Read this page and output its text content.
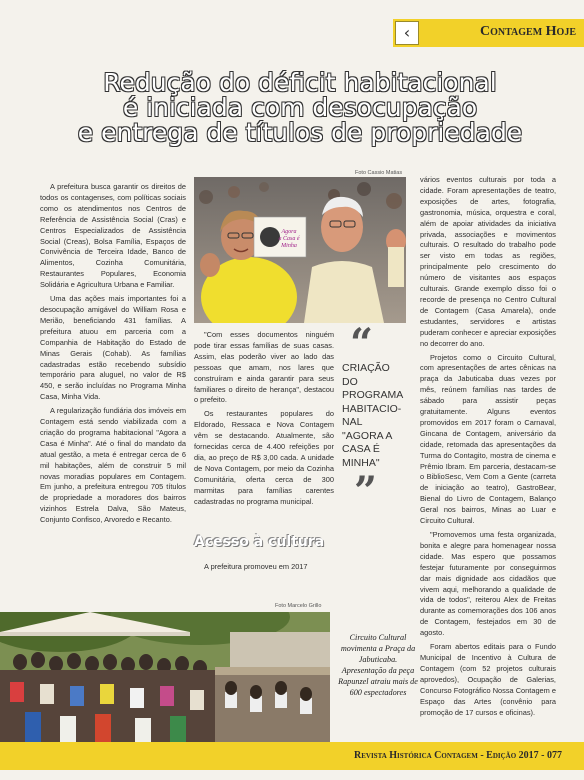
‹	Contagem Hoje
Redução do déficit habitacional
é iniciada com desocupação
e entrega de títulos de propriedade

A prefeitura busca garantir os direitos de todos os contagenses, com políticas sociais como os atendimentos nos Centros de Referência de Assistência Social (Cras) e Centros Especializados de Assistência Social (Creas), Bolsa Família, Espaços de Convivência de Terceira Idade, Banco de Alimentos, Cozinha Comunitária, Restaurantes Populares, Economia Solidária e Agricultura Urbana e Familiar.

Uma das ações mais importantes foi a desocupação amigável do William Rosa e Merião, beneficiando 431 famílias. A prefeitura atuou em parceria com a Companhia de Habitação do Estado de Minas Gerais (Cohab). As famílias cadastradas estão recebendo subsídio temporário para aluguel, no valor de R$ 450, e serão incluídas no Programa Minha Casa, Minha Vida.

A regularização fundiária dos imóveis em Contagem está sendo viabilizada com a criação do programa habitacional "Agora a Casa é Minha". Até o final do mandato da atual gestão, a meta é entregar cerca de 6 mil habitações, além de construir 5 mil novas moradias populares em Contagem. Em junho, a prefeitura entregou 705 títulos de propriedade a moradores dos bairros vizinhos Estrela Dalva, São Mateus, Conjunto Confisco, Arvoredo e Recanto.

Foto Cassio Matias
Agora
a Casa é
Minha

"Com esses documentos ninguém pode tirar essas famílias de suas casas. Assim, elas poderão viver ao lado das pessoas que amam, nos lares que construíram e ainda garantir para seus familiares o direito de herança", destacou o prefeito.

Os restaurantes populares do Eldorado, Ressaca e Nova Contagem vêm se destacando. Atualmente, são fornecidas cerca de 4.400 refeições por dia, ao preço de R$ 3,00 cada. A unidade de Nova Contagem, por meio da Cozinha Comunitária, oferta cerca de 300 marmitas para famílias carentes cadastradas no programa municipal.

“
CRIAÇÃO DO PROGRAMA HABITACIO-NAL "AGORA A CASA É MINHA"
”
Acesso à cultura

A prefeitura promoveu em 2017

Foto Marcelo Grillo
Circuito Cultural movimenta a Praça da Jabuticaba. Apresentação da peça Rapunzel atraiu mais de 600 espectadores

vários eventos culturais por toda a cidade. Foram apresentações de teatro, exposições de artes, fotografia, gastronomia, música, orquestra e coral, além de apoiar atividades da iniciativa privada, associações e movimentos culturais. O resultado do trabalho pode ser visto em todas as regiões, principalmente pelo crescimento do número de visitantes aos espaços culturais. Grande exemplo disso foi o recorde de presença no Centro Cultural de Contagem (Casa Amarela), onde estudantes, servidores e artistas puderam conhecer e apreciar exposições no decorrer do ano.

Projetos como o Circuito Cultural, com apresentações de artes cênicas na praça da Jabuticaba duas vezes por mês, reúnem famílias nas tardes de sábado para assistir peças gratuitamente. Alguns eventos promovidos em 2017 foram o Carnaval, Gincana de Contagem, aniversário da cidade, retomada das apresentações da Turma do Contagito, mostra de cinema e Prêmio Ibram. Em parceria, destacam-se o BiblioSesc, Vem Com a Gente (carreta de iniciação ao teatro), GastroBear, Bienal do Livro de Contagem, Balanço Geral nos bairros, Minas ao Luar e Circuito Cultural.

"Promovemos uma festa organizada, bonita e alegre para homenagear nossa cidade. Mas espero que possamos festejar futuramente por conseguirmos dar mais dignidade aos cidadãos que vivem aqui, melhorando a qualidade de vida de todos", reiterou Alex de Freitas durante as comemorações dos 106 anos de Contagem, festejados em 30 de agosto.

Foram abertos editais para o Fundo Municipal de Incentivo à Cultura de Contagem (com 52 projetos culturais aprovedos), Ocupação de Galerias, Concurso Fotográfico Nossa Contagem e Espaço das Artes (convênio para promoção de 17 cursos e oficinas).

Revista Histórica Contagem - Edição 2017 - 077
